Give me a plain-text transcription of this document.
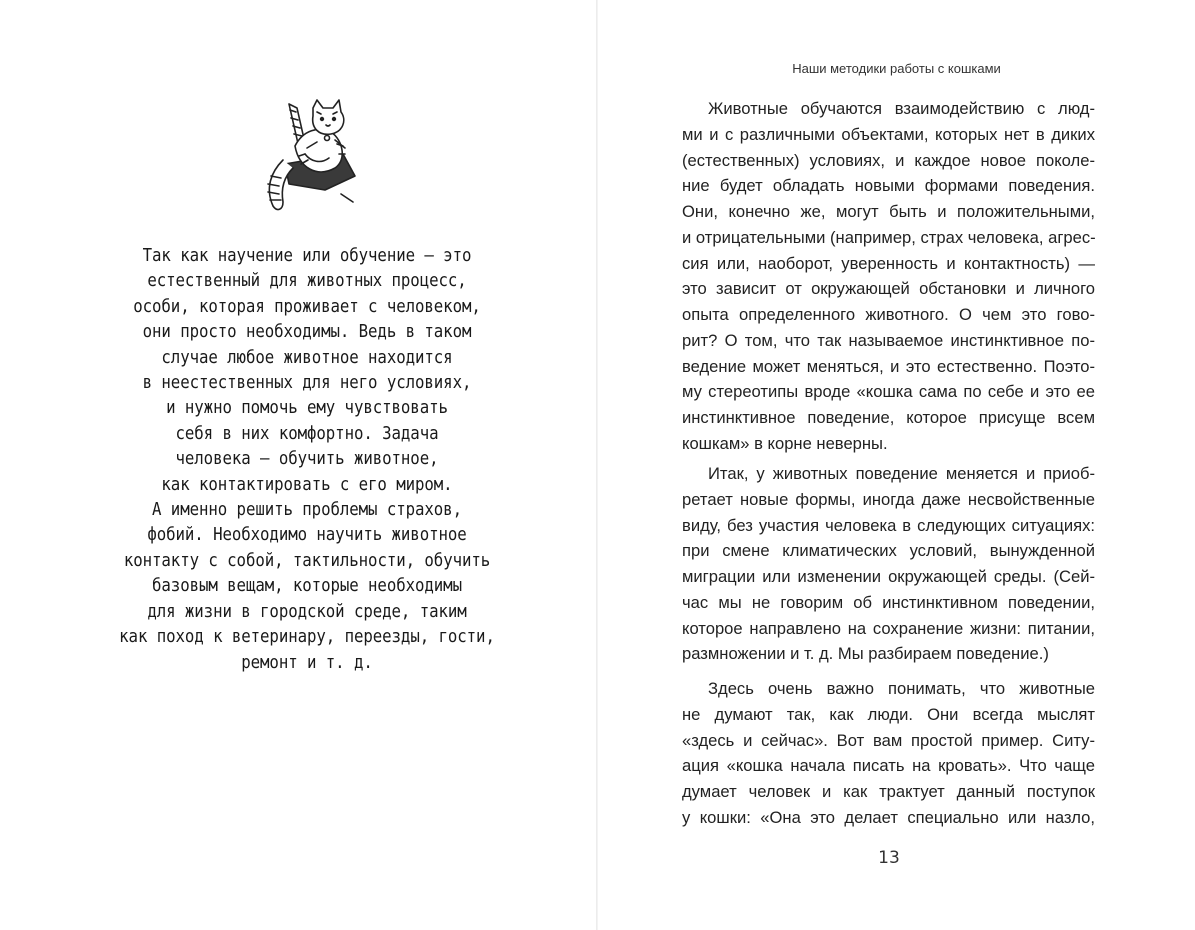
Так как научение или обучение — это
естественный для животных процесс,
особи, которая проживает с человеком,
они просто необходимы. Ведь в таком
случае любое животное находится
в неестественных для него условиях,
и нужно помочь ему чувствовать
себя в них комфортно. Задача
человека — обучить животное,
как контактировать с его миром.
А именно решить проблемы страхов,
фобий. Необходимо научить животное
контакту с собой, тактильности, обучить
базовым вещам, которые необходимы
для жизни в городской среде, таким
как поход к ветеринару, переезды, гости,
ремонт и т. д.
Наши методики работы с кошками
Животные обучаются взаимодействию с люд-
ми и с различными объектами, которых нет в диких
(естественных) условиях, и каждое новое поколе-
ние будет обладать новыми формами поведения.
Они, конечно же, могут быть и положительными,
и отрицательными (например, страх человека, агрес-
сия или, наоборот, уверенность и контактность) —
это зависит от окружающей обстановки и личного
опыта определенного животного. О чем это гово-
рит? О том, что так называемое инстинктивное по-
ведение может меняться, и это естественно. Поэто-
му стереотипы вроде «кошка сама по себе и это ее
инстинктивное поведение, которое присуще всем
кошкам» в корне неверны.
Итак, у животных поведение меняется и приоб-
ретает новые формы, иногда даже несвойственные
виду, без участия человека в следующих ситуациях:
при смене климатических условий, вынужденной
миграции или изменении окружающей среды. (Сей-
час мы не говорим об инстинктивном поведении,
которое направлено на сохранение жизни: питании,
размножении и т. д. Мы разбираем поведение.)
Здесь очень важно понимать, что животные
не думают так, как люди. Они всегда мыслят
«здесь и сейчас». Вот вам простой пример. Ситу-
ация «кошка начала писать на кровать». Что чаще
думает человек и как трактует данный поступок
у кошки: «Она это делает специально или назло,
13
